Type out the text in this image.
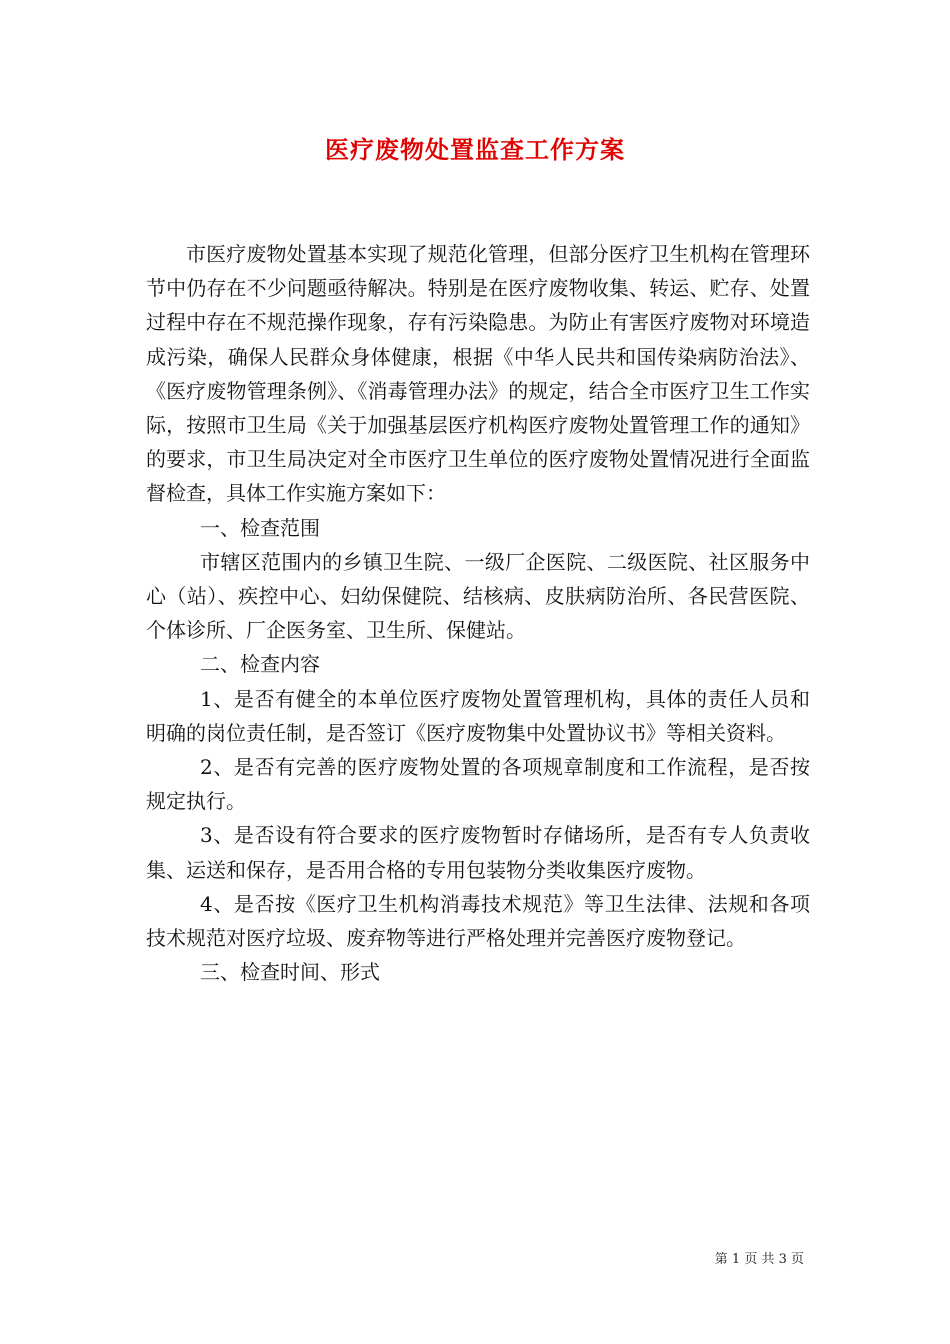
医疗废物处置监查工作方案

市医疗废物处置基本实现了规范化管理，但部分医疗卫生机构在管理环节中仍存在不少问题亟待解决。特别是在医疗废物收集、转运、贮存、处置过程中存在不规范操作现象，存有污染隐患。为防止有害医疗废物对环境造成污染，确保人民群众身体健康，根据《中华人民共和国传染病防治法》、《医疗废物管理条例》、《消毒管理办法》的规定，结合全市医疗卫生工作实际，按照市卫生局《关于加强基层医疗机构医疗废物处置管理工作的通知》的要求，市卫生局决定对全市医疗卫生单位的医疗废物处置情况进行全面监督检查，具体工作实施方案如下：

一、检查范围

市辖区范围内的乡镇卫生院、一级厂企医院、二级医院、社区服务中心（站）、疾控中心、妇幼保健院、结核病、皮肤病防治所、各民营医院、个体诊所、厂企医务室、卫生所、保健站。

二、检查内容

1、是否有健全的本单位医疗废物处置管理机构，具体的责任人员和明确的岗位责任制，是否签订《医疗废物集中处置协议书》等相关资料。

2、是否有完善的医疗废物处置的各项规章制度和工作流程，是否按规定执行。

3、是否设有符合要求的医疗废物暂时存储场所，是否有专人负责收集、运送和保存，是否用合格的专用包装物分类收集医疗废物。

4、是否按《医疗卫生机构消毒技术规范》等卫生法律、法规和各项技术规范对医疗垃圾、废弃物等进行严格处理并完善医疗废物登记。

三、检查时间、形式

第 1 页 共 3 页
